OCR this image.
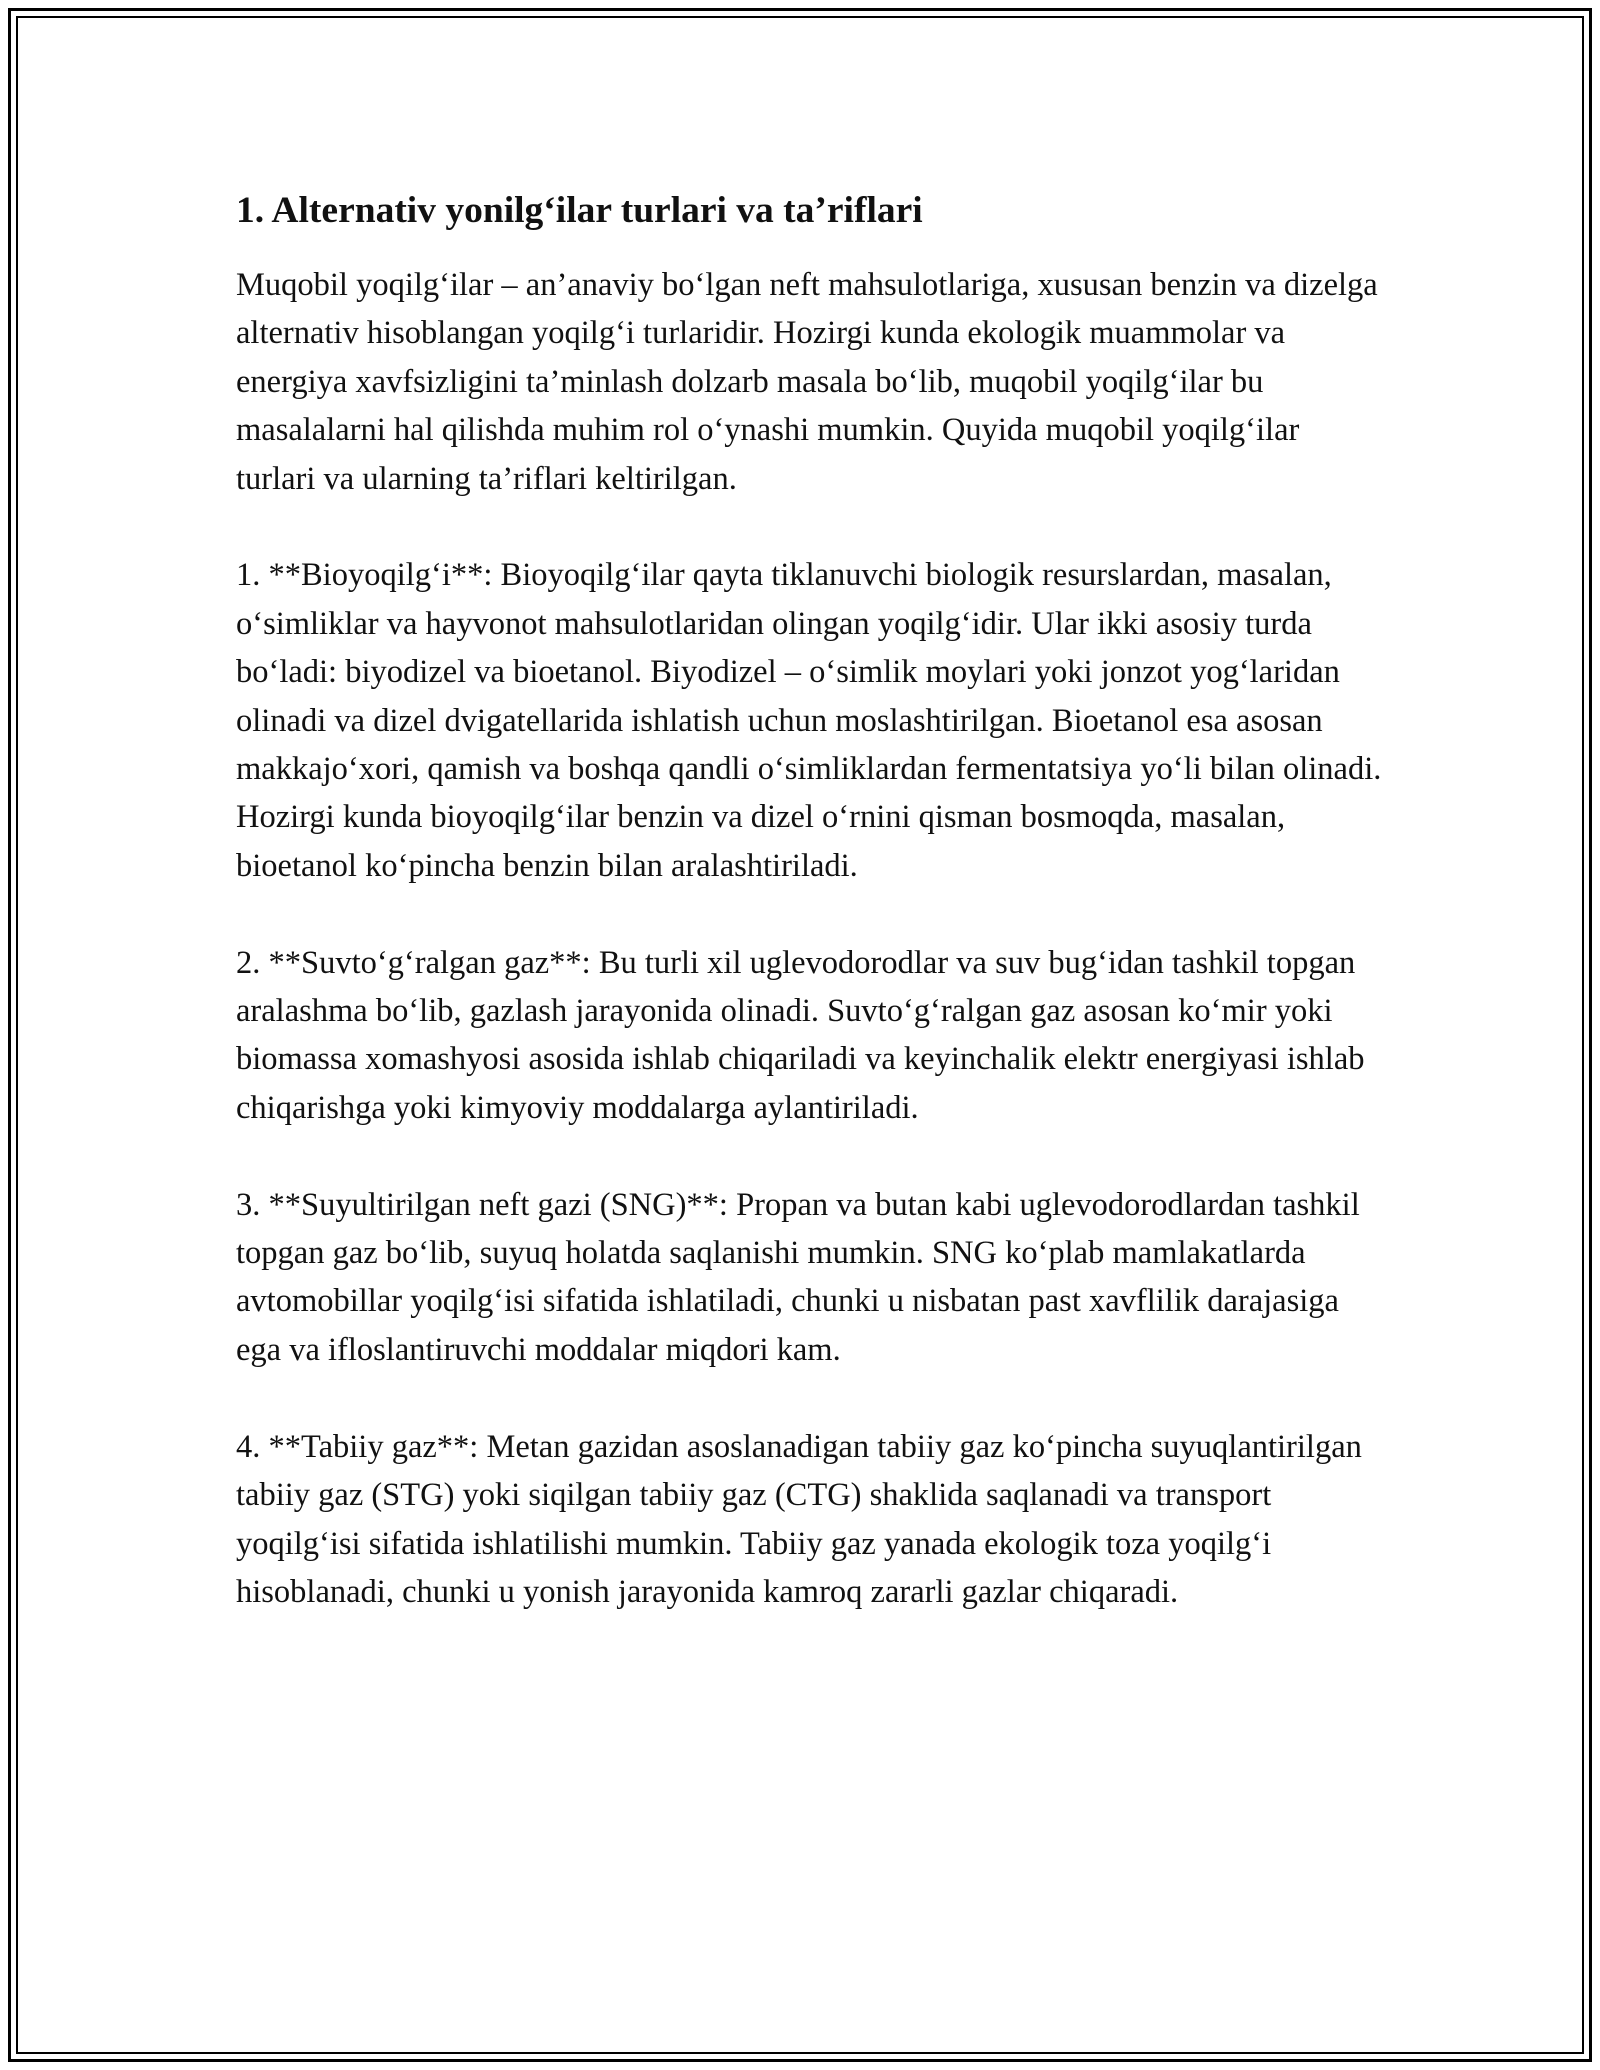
1. Alternativ yonilg‘ilar turlari va ta’riflari

Muqobil yoqilg‘ilar – an’anaviy bo‘lgan neft mahsulotlariga, xususan benzin va dizelga alternativ hisoblangan yoqilg‘i turlaridir. Hozirgi kunda ekologik muammolar va energiya xavfsizligini ta’minlash dolzarb masala bo‘lib, muqobil yoqilg‘ilar bu masalalarni hal qilishda muhim rol o‘ynashi mumkin. Quyida muqobil yoqilg‘ilar turlari va ularning ta’riflari keltirilgan.

1. **Bioyoqilg‘i**: Bioyoqilg‘ilar qayta tiklanuvchi biologik resurslardan, masalan, o‘simliklar va hayvonot mahsulotlaridan olingan yoqilg‘idir. Ular ikki asosiy turda bo‘ladi: biyodizel va bioetanol. Biyodizel – o‘simlik moylari yoki jonzot yog‘laridan olinadi va dizel dvigatellarida ishlatish uchun moslashtirilgan. Bioetanol esa asosan makkajo‘xori, qamish va boshqa qandli o‘simliklardan fermentatsiya yo‘li bilan olinadi. Hozirgi kunda bioyoqilg‘ilar benzin va dizel o‘rnini qisman bosmoqda, masalan, bioetanol ko‘pincha benzin bilan aralashtiriladi.

2. **Suvto‘g‘ralgan gaz**: Bu turli xil uglevodorodlar va suv bug‘idan tashkil topgan aralashma bo‘lib, gazlash jarayonida olinadi. Suvto‘g‘ralgan gaz asosan ko‘mir yoki biomassa xomashyosi asosida ishlab chiqariladi va keyinchalik elektr energiyasi ishlab chiqarishga yoki kimyoviy moddalarga aylantiriladi.

3. **Suyultirilgan neft gazi (SNG)**: Propan va butan kabi uglevodorodlardan tashkil topgan gaz bo‘lib, suyuq holatda saqlanishi mumkin. SNG ko‘plab mamlakatlarda avtomobillar yoqilg‘isi sifatida ishlatiladi, chunki u nisbatan past xavflilik darajasiga ega va ifloslantiruvchi moddalar miqdori kam.

4. **Tabiiy gaz**: Metan gazidan asoslanadigan tabiiy gaz ko‘pincha suyuqlantirilgan tabiiy gaz (STG) yoki siqilgan tabiiy gaz (CTG) shaklida saqlanadi va transport yoqilg‘isi sifatida ishlatilishi mumkin. Tabiiy gaz yanada ekologik toza yoqilg‘i hisoblanadi, chunki u yonish jarayonida kamroq zararli gazlar chiqaradi.
